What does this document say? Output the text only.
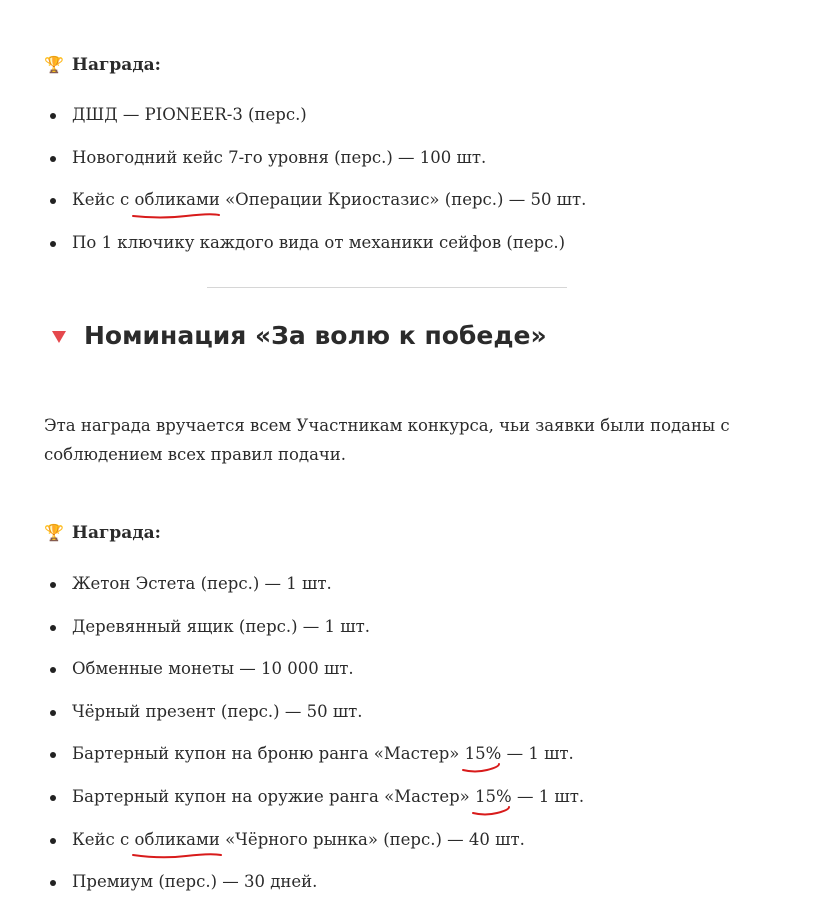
🏆 Награда:
ДШД — PIONEER-3 (перс.)
Новогодний кейс 7-го уровня (перс.) — 100 шт.
Кейс с обликами
«Операции Криостазис» (перс.) — 50 шт.
По 1 ключику каждого вида от механики сейфов (перс.)
Номинация «За волю к победе»
Эта награда вручается всем Участникам конкурса, чьи заявки были поданы с
соблюдением всех правил подачи.
🏆 Награда:
Жетон Эстета (перс.) — 1 шт.
Деревянный ящик (перс.) — 1 шт.
Обменные монеты — 10 000 шт.
Чёрный презент (перс.) — 50 шт.
Бартерный купон на броню ранга «Мастер» 15%
— 1 шт.
Бартерный купон на оружие ранга «Мастер» 15%
— 1 шт.
Кейс с обликами
«Чёрного рынка» (перс.) — 40 шт.
Премиум (перс.) — 30 дней.
